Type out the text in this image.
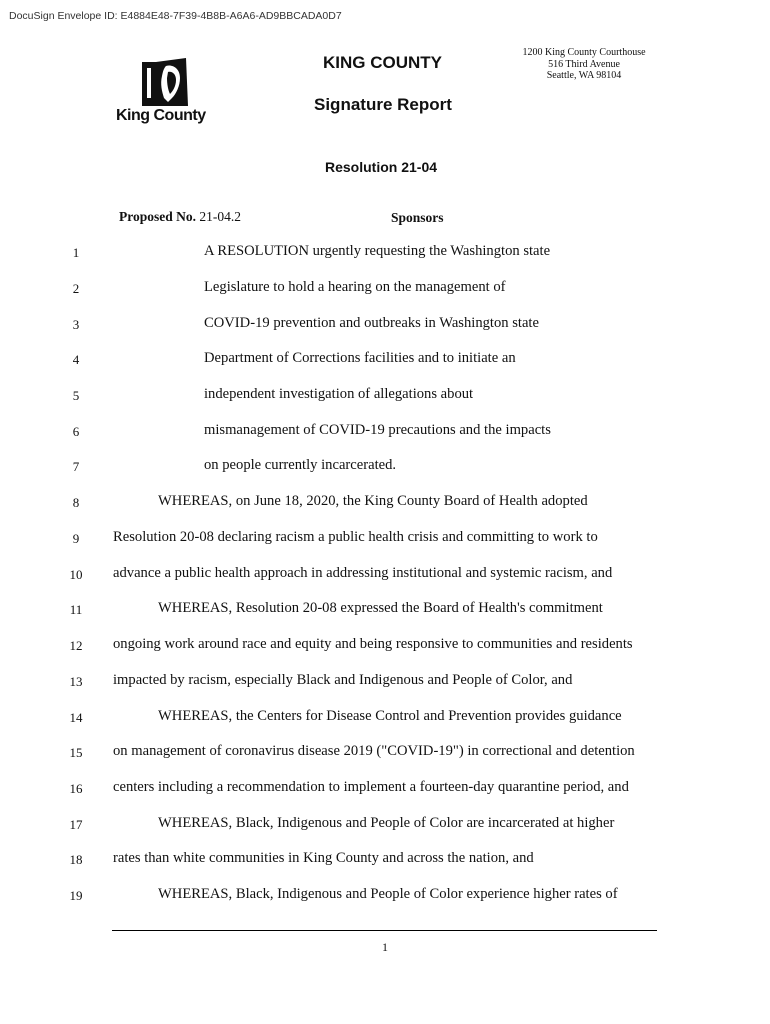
DocuSign Envelope ID: E4884E48-7F39-4B8B-A6A6-AD9BBCADA0D7
King County
KING COUNTY
1200 King County Courthouse
516 Third Avenue
Seattle, WA 98104
Signature Report
Resolution 21-04
Proposed No. 21-04.2	Sponsors
1	A RESOLUTION urgently requesting the Washington state
2	Legislature to hold a hearing on the management of
3	COVID-19 prevention and outbreaks in Washington state
4	Department of Corrections facilities and to initiate an
5	independent investigation of allegations about
6	mismanagement of COVID-19 precautions and the impacts
7	on people currently incarcerated.
8	WHEREAS, on June 18, 2020, the King County Board of Health adopted
9	Resolution 20-08 declaring racism a public health crisis and committing to work to
10	advance a public health approach in addressing institutional and systemic racism, and
11	WHEREAS, Resolution 20-08 expressed the Board of Health's commitment
12	ongoing work around race and equity and being responsive to communities and residents
13	impacted by racism, especially Black and Indigenous and People of Color, and
14	WHEREAS, the Centers for Disease Control and Prevention provides guidance
15	on management of coronavirus disease 2019 ("COVID-19") in correctional and detention
16	centers including a recommendation to implement a fourteen-day quarantine period, and
17	WHEREAS, Black, Indigenous and People of Color are incarcerated at higher
18	rates than white communities in King County and across the nation, and
19	WHEREAS, Black, Indigenous and People of Color experience higher rates of
1
